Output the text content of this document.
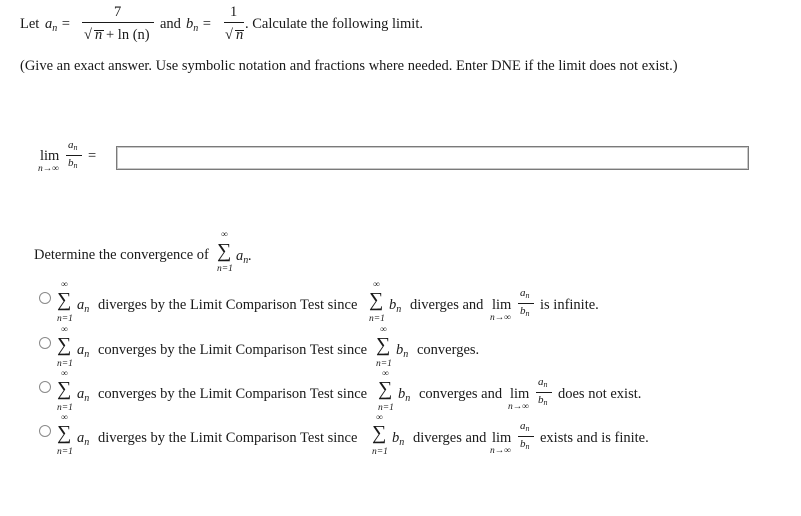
Let $a_n$ =
7
√ n + ln (n)
and $b_n$ =
1
√ n
. Calculate the following limit.
(Give an exact answer. Use symbolic notation and fractions where needed. Enter DNE if the limit does not exist.)
lim
n→∞
an
bn
=
Determine the convergence of
∞
∑
n=1
$a_n$.
∞
∑
n=1
$a_n$ diverges by the Limit Comparison Test since
∞
∑
n=1
$b_n$ diverges and lim
n→∞
an
bn
is infinite.
∞
∑
n=1
$a_n$ converges by the Limit Comparison Test since
∞
∑
n=1
$b_n$ converges.
∞
∑
n=1
$a_n$ converges by the Limit Comparison Test since
∞
∑
n=1
$b_n$ converges and lim
n→∞
an
bn
does not exist.
∞
∑
n=1
$a_n$ diverges by the Limit Comparison Test since
∞
∑
n=1
$b_n$ diverges and lim
n→∞
an
bn
exists and is finite.
